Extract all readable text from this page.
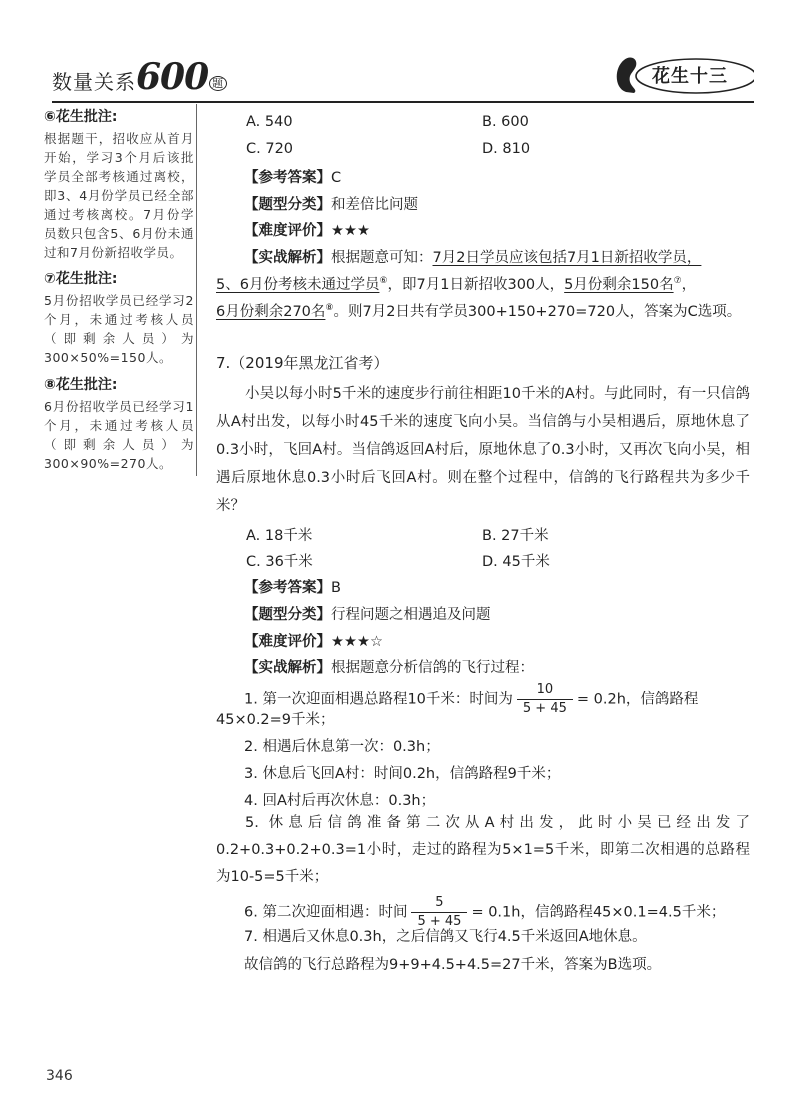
数量关系600 题	花生十三
⑥花生批注:
根据题干，招收应从首月开始，学习3个月后该批学员全部考核通过离校，即3、4月份学员已经全部通过考核离校。7月份学员数只包含5、6月份未通过和7月份新招收学员。
⑦花生批注:
5月份招收学员已经学习2个月，未通过考核人员（即剩余人员）为300×50%=150人。
⑧花生批注:
6月份招收学员已经学习1个月，未通过考核人员（即剩余人员）为300×90%=270人。
A. 540	B. 600
C. 720	D. 810
【参考答案】C
【题型分类】和差倍比问题
【难度评价】★★★
【实战解析】根据题意可知：7月2日学员应该包括7月1日新招收学员，
5、6月份考核未通过学员⑥，即7月1日新招收300人，5月份剩余150名⑦，
6月份剩余270名⑧。则7月2日共有学员300+150+270=720人，答案为C选项。
7.（2019年黑龙江省考）
小吴以每小时5千米的速度步行前往相距10千米的A村。与此同时，有一只信鸽从A村出发，以每小时45千米的速度飞向小吴。当信鸽与小吴相遇后，原地休息了0.3小时，飞回A村。当信鸽返回A村后，原地休息了0.3小时，又再次飞向小吴，相遇后原地休息0.3小时后飞回A村。则在整个过程中，信鸽的飞行路程共为多少千米？
A. 18千米	B. 27千米
C. 36千米	D. 45千米
【参考答案】B
【题型分类】行程问题之相遇追及问题
【难度评价】★★★☆
【实战解析】根据题意分析信鸽的飞行过程：
1. 第一次迎面相遇总路程10千米：时间为 $\frac{10}{5 + 45} = 0.2h$，信鸽路程
45×0.2=9千米；
2. 相遇后休息第一次：0.3h；
3. 休息后飞回A村：时间0.2h，信鸽路程9千米；
4. 回A村后再次休息：0.3h；
5. 休息后信鸽准备第二次从A村出发，此时小吴已经出发了0.2+0.3+0.2+0.3=1小时，走过的路程为5×1=5千米，即第二次相遇的总路程为10-5=5千米；
6. 第二次迎面相遇：时间 $\frac{5}{5 + 45} = 0.1h$，信鸽路程45×0.1=4.5千米；
7. 相遇后又休息0.3h，之后信鸽又飞行4.5千米返回A地休息。
故信鸽的飞行总路程为9+9+4.5+4.5=27千米，答案为B选项。
346
